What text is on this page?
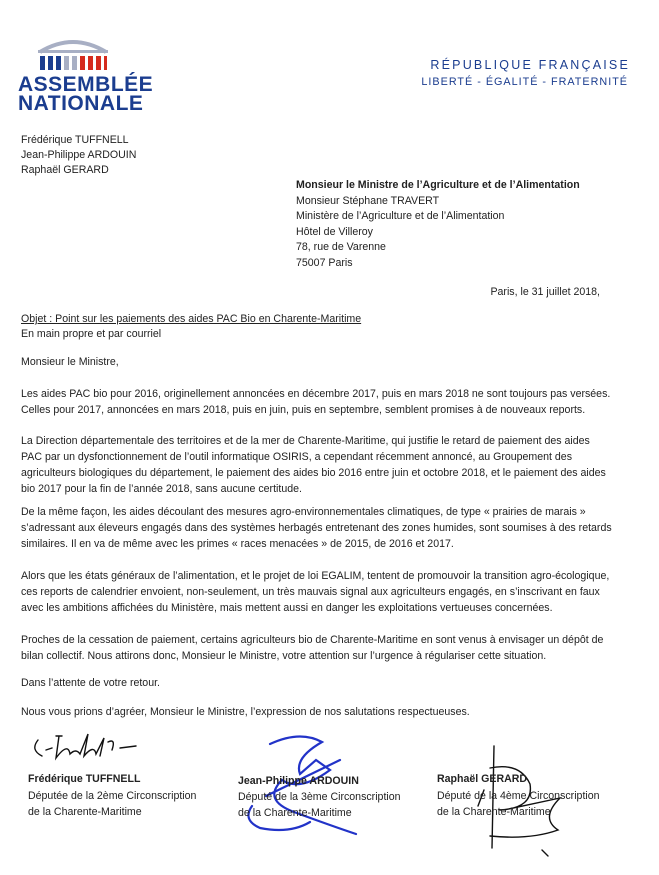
ASSEMBLÉE
NATIONALE
RÉPUBLIQUE FRANÇAISE
LIBERTÉ - ÉGALITÉ - FRATERNITÉ
Frédérique TUFFNELL
Jean-Philippe ARDOUIN
Raphaël GERARD
Monsieur le Ministre de l’Agriculture et de l’Alimentation
Monsieur Stéphane TRAVERT
Ministère de l’Agriculture et de l’Alimentation
Hôtel de Villeroy
78, rue de Varenne
75007 Paris
Paris, le 31 juillet 2018,
Objet : Point sur les paiements des aides PAC Bio en Charente-Maritime
En main propre et par courriel
Monsieur le Ministre,

Les aides PAC bio pour 2016, originellement annoncées en décembre 2017, puis en mars 2018 ne sont toujours pas versées.

Celles pour 2017, annoncées en mars 2018, puis en juin, puis en septembre, semblent promises à de nouveaux reports.

La Direction départementale des territoires et de la mer de Charente-Maritime, qui justifie le retard de paiement des aides

PAC par un dysfonctionnement de l’outil informatique OSIRIS, a cependant récemment annoncé, au Groupement des

agriculteurs biologiques du département, le paiement des aides bio 2016 entre juin et octobre 2018, et le paiement des aides

bio 2017 pour la fin de l’année 2018, sans aucune certitude.

De la même façon, les aides découlant des mesures agro-environnementales climatiques, de type « prairies de marais »

s’adressant aux éleveurs engagés dans des systèmes herbagés entretenant des zones humides, sont soumises à des retards

similaires. Il en va de même avec les primes « races menacées » de 2015, de 2016 et 2017.

Alors que les états généraux de l’alimentation, et le projet de loi EGALIM, tentent de promouvoir la transition agro-écologique,

ces reports de calendrier envoient, non-seulement, un très mauvais signal aux agriculteurs engagés, en s’inscrivant en faux

avec les ambitions affichées du Ministère, mais mettent aussi en danger les exploitations vertueuses concernées.

Proches de la cessation de paiement, certains agriculteurs bio de Charente-Maritime en sont venus à envisager un dépôt de

bilan collectif. Nous attirons donc, Monsieur le Ministre, votre attention sur l’urgence à régulariser cette situation.

Dans l’attente de votre retour.

Nous vous prions d’agréer, Monsieur le Ministre, l’expression de nos salutations respectueuses.

Frédérique TUFFNELL
Députée de la 2ème Circonscription
de la Charente-Maritime
Jean-Philippe ARDOUIN
Député de la 3ème Circonscription
de la Charente-Maritime
Raphaël GERARD
Député de la 4ème Circonscription
de la Charente-Maritime
